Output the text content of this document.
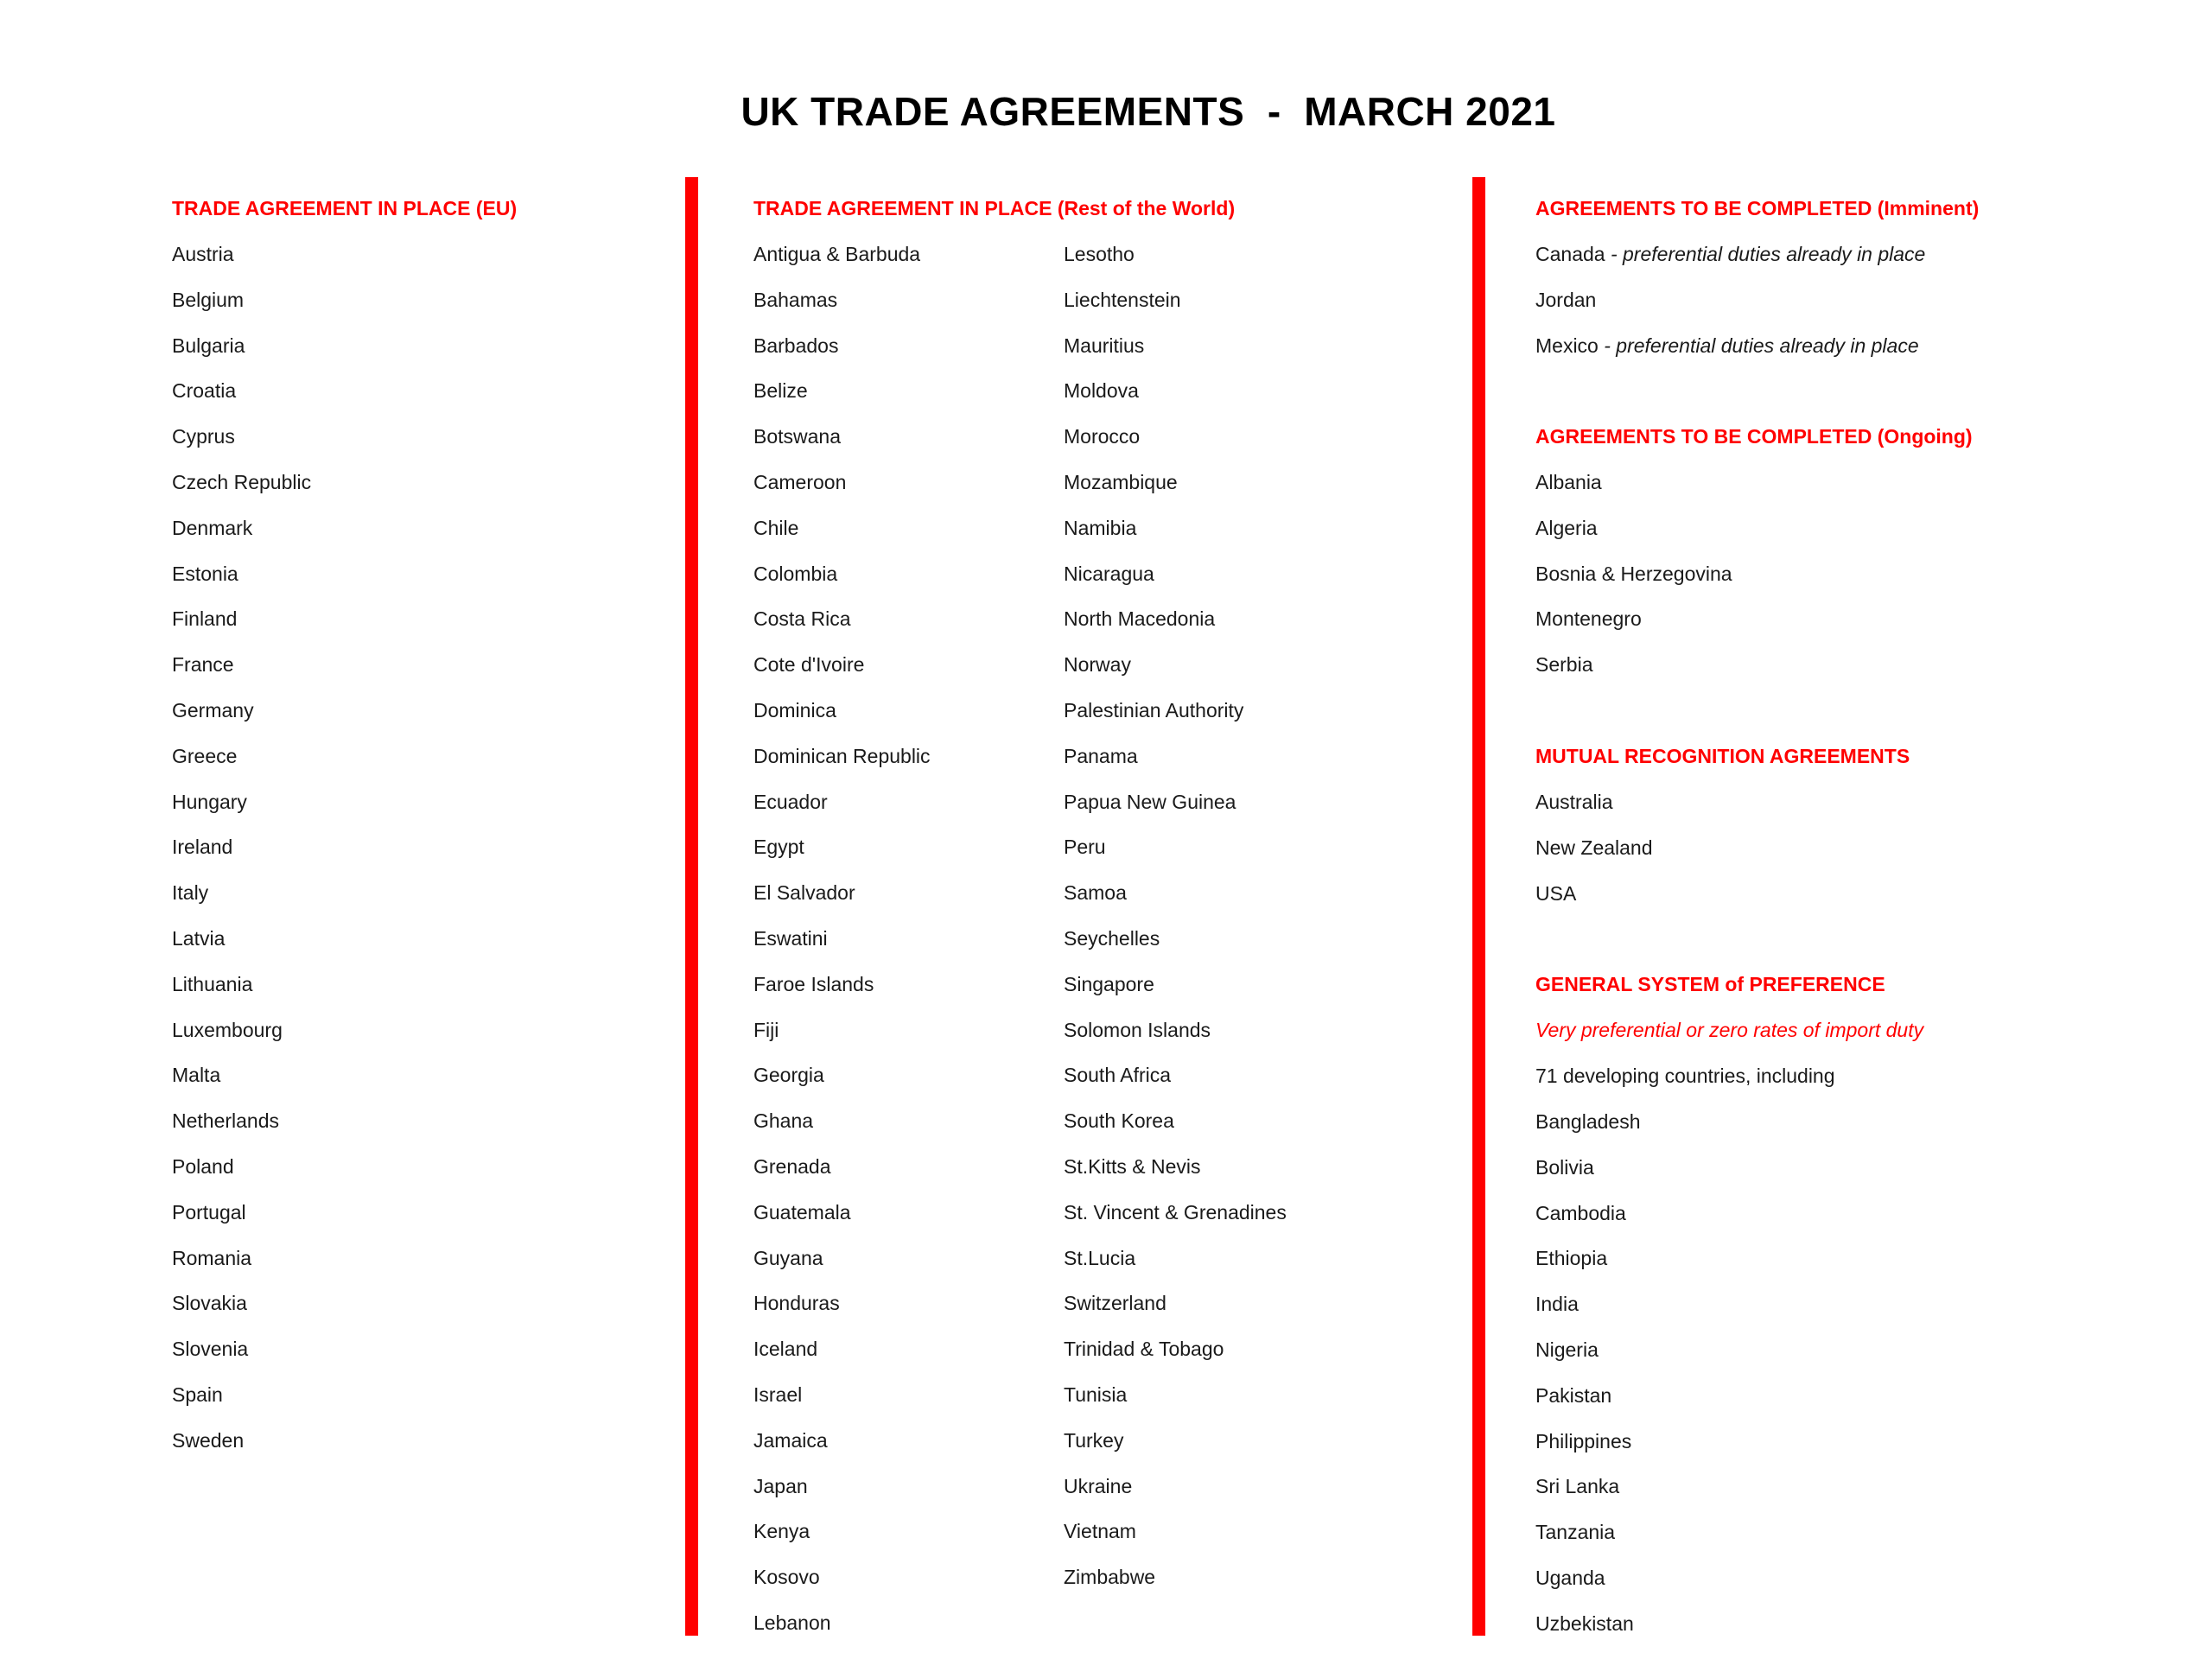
UK TRADE AGREEMENTS  -  MARCH 2021
TRADE AGREEMENT IN PLACE (EU)
Austria
Belgium
Bulgaria
Croatia
Cyprus
Czech Republic
Denmark
Estonia
Finland
France
Germany
Greece
Hungary
Ireland
Italy
Latvia
Lithuania
Luxembourg
Malta
Netherlands
Poland
Portugal
Romania
Slovakia
Slovenia
Spain
Sweden
TRADE AGREEMENT IN PLACE (Rest of the World)
Antigua & Barbuda
Bahamas
Barbados
Belize
Botswana
Cameroon
Chile
Colombia
Costa Rica
Cote d'Ivoire
Dominica
Dominican Republic
Ecuador
Egypt
El Salvador
Eswatini
Faroe Islands
Fiji
Georgia
Ghana
Grenada
Guatemala
Guyana
Honduras
Iceland
Israel
Jamaica
Japan
Kenya
Kosovo
Lebanon
Lesotho
Liechtenstein
Mauritius
Moldova
Morocco
Mozambique
Namibia
Nicaragua
North Macedonia
Norway
Palestinian Authority
Panama
Papua New Guinea
Peru
Samoa
Seychelles
Singapore
Solomon Islands
South Africa
South Korea
St.Kitts & Nevis
St. Vincent & Grenadines
St.Lucia
Switzerland
Trinidad & Tobago
Tunisia
Turkey
Ukraine
Vietnam
Zimbabwe
AGREEMENTS TO BE COMPLETED (Imminent)
Canada - preferential duties already in place
Jordan
Mexico - preferential duties already in place
AGREEMENTS TO BE COMPLETED (Ongoing)
MUTUAL RECOGNITION AGREEMENTS
GENERAL SYSTEM of PREFERENCE
Very preferential or zero rates of import duty
71 developing countries, including
Albania
Algeria
Bosnia & Herzegovina
Montenegro
Serbia
Australia
New Zealand
USA
Bangladesh
Bolivia
Cambodia
Ethiopia
India
Nigeria
Pakistan
Philippines
Sri Lanka
Tanzania
Uganda
Uzbekistan
